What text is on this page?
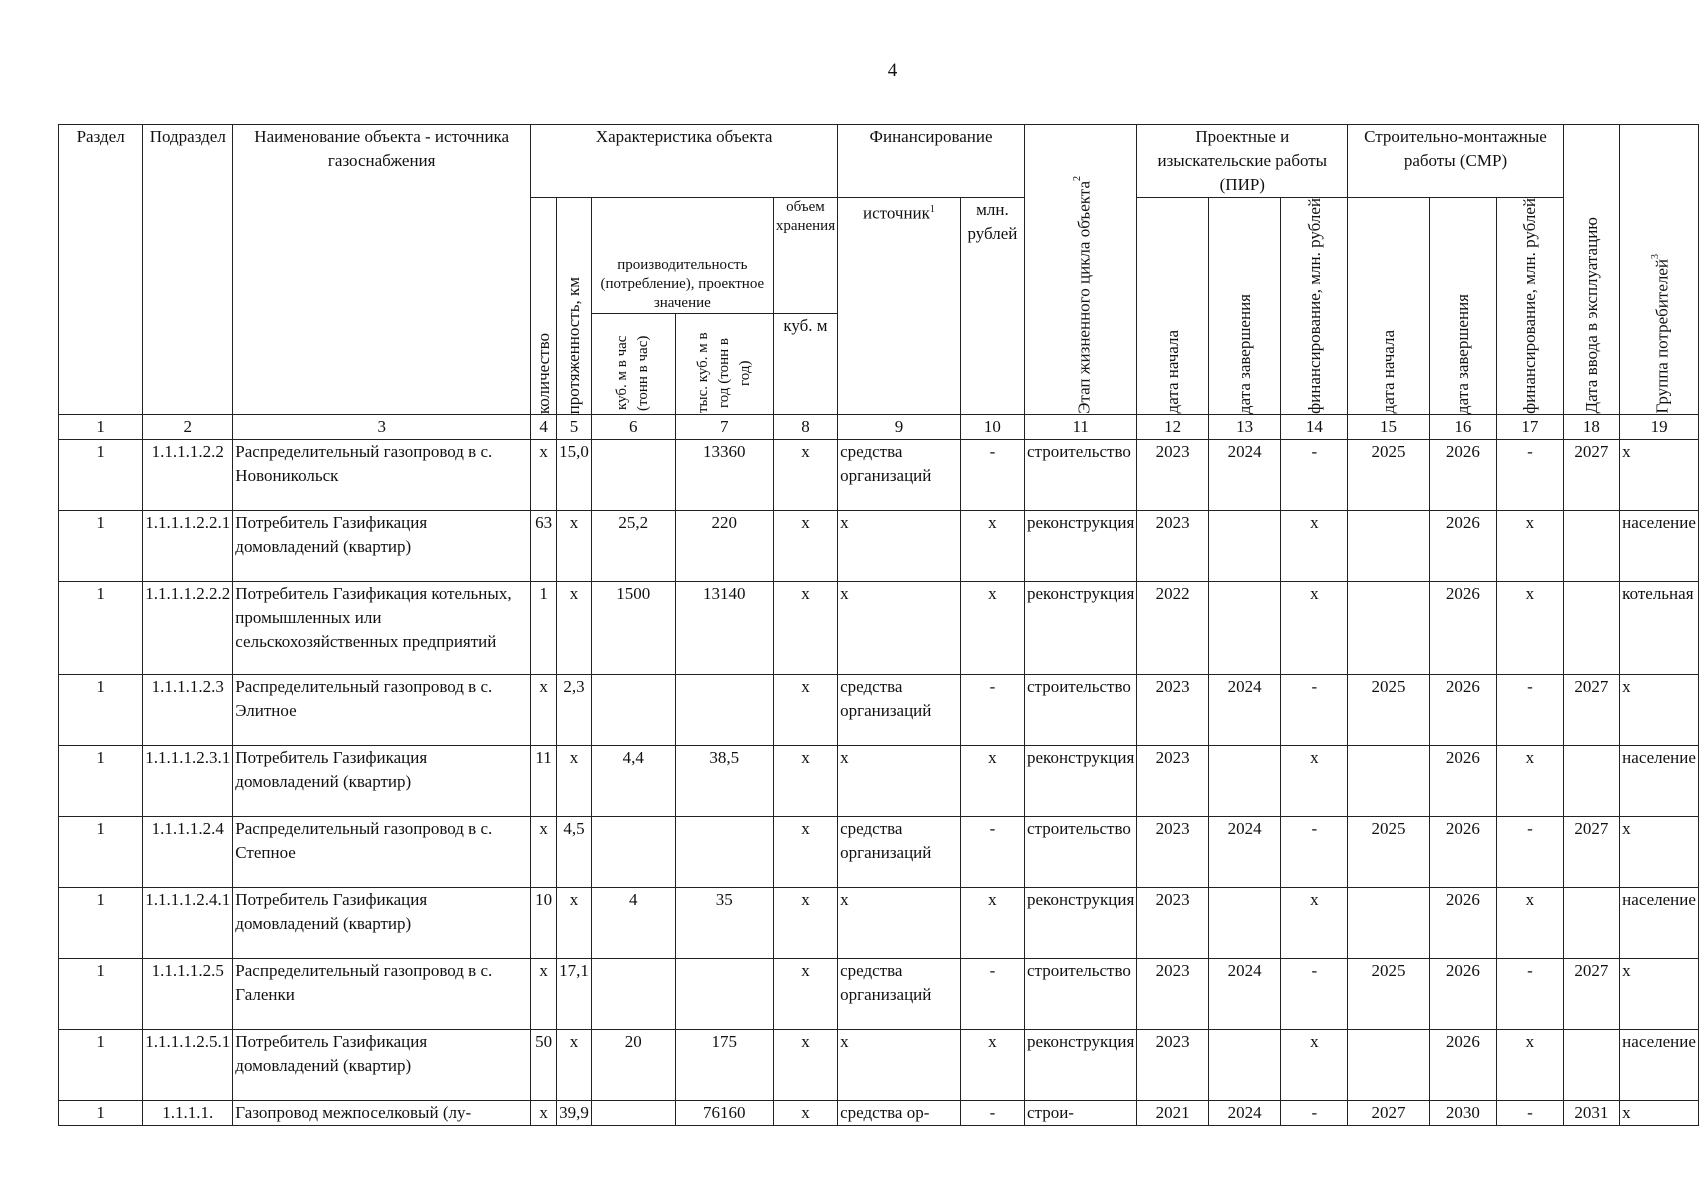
4
Раздел	Подраздел	Наименование объекта - источника газоснабжения	Характеристика объекта					Финансирование		Этап жизненного цикла объекта$^2$	Проектные и изыскательские работы (ПИР)			Строительно-монтажные работы (СМР)			Дата ввода в эксплуатацию	Группа потребителей$^3$

			количество	протяженность, км	производительность (потребление), проектное значение		объем хранения	источник$^1$	млн. рублей		дата начала	дата завершения	финансирование, млн. рублей	дата начала	дата завершения	финансирование, млн. рублей		

					куб. м в час (тонн в час)	тыс. куб. м в год (тонн в год)	куб. м											
1	2	3	4	5	6	7	8	9	10	11	12	13	14	15	16	17	18	19
1	1.1.1.1.2.2	Распределительный газопровод в с. Новоникольск	х	15,0		13360	х	средства организаций	-	строительство	2023	2024	-	2025	2026	-	2027	х
1	1.1.1.1.2.2.1	Потребитель Газификация домовладений (квартир)	63	х	25,2	220	х	х	х	реконструкция	2023		х		2026	х		население
1	1.1.1.1.2.2.2	Потребитель Газификация котельных, промышленных или сельскохозяйственных предприятий	1	х	1500	13140	х	х	х	реконструкция	2022		х		2026	х		котельная
1	1.1.1.1.2.3	Распределительный газопровод в с. Элитное	х	2,3			х	средства организаций	-	строительство	2023	2024	-	2025	2026	-	2027	х
1	1.1.1.1.2.3.1	Потребитель Газификация домовладений (квартир)	11	х	4,4	38,5	х	х	х	реконструкция	2023		х		2026	х		население
1	1.1.1.1.2.4	Распределительный газопровод в с. Степное	х	4,5			х	средства организаций	-	строительство	2023	2024	-	2025	2026	-	2027	х
1	1.1.1.1.2.4.1	Потребитель Газификация домовладений (квартир)	10	х	4	35	х	х	х	реконструкция	2023		х		2026	х		население
1	1.1.1.1.2.5	Распределительный газопровод в с. Галенки	х	17,1			х	средства организаций	-	строительство	2023	2024	-	2025	2026	-	2027	х
1	1.1.1.1.2.5.1	Потребитель Газификация домовладений (квартир)	50	х	20	175	х	х	х	реконструкция	2023		х		2026	х		население
1	1.1.1.1.	Газопровод межпоселковый (лу-	х	39,9		76160	х	средства ор-	-	строи-	2021	2024	-	2027	2030	-	2031	х
